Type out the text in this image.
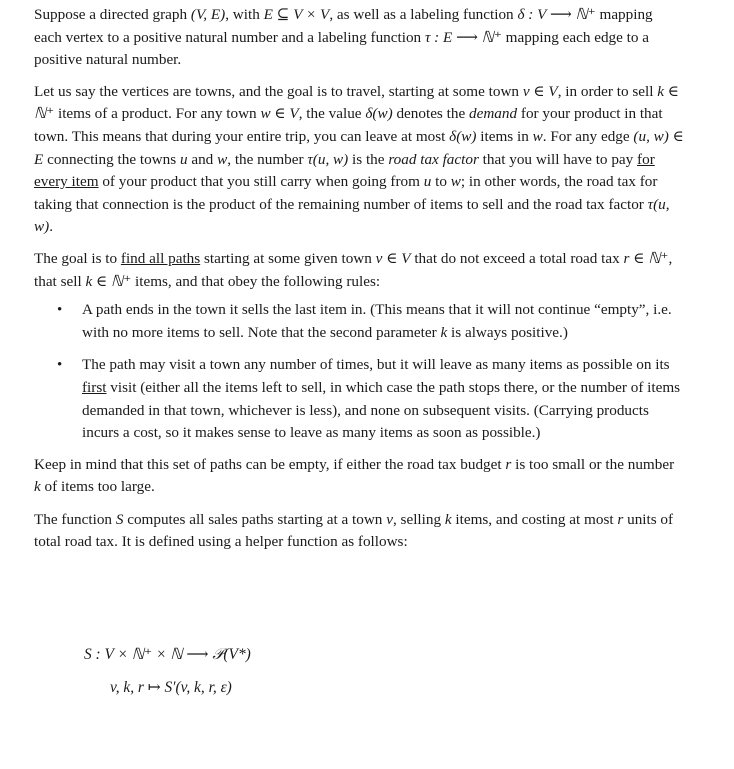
Suppose a directed graph (V, E), with E ⊆ V × V, as well as a labeling function δ : V ⟶ ℕ⁺ mapping each vertex to a positive natural number and a labeling function τ : E ⟶ ℕ⁺ mapping each edge to a positive natural number.

Let us say the vertices are towns, and the goal is to travel, starting at some town v ∈ V, in order to sell k ∈ ℕ⁺ items of a product. For any town w ∈ V, the value δ(w) denotes the demand for your product in that town. This means that during your entire trip, you can leave at most δ(w) items in w. For any edge (u, w) ∈ E connecting the towns u and w, the number τ(u, w) is the road tax factor that you will have to pay for every item of your product that you still carry when going from u to w; in other words, the road tax for taking that connection is the product of the remaining number of items to sell and the road tax factor τ(u, w).

The goal is to find all paths starting at some given town v ∈ V that do not exceed a total road tax r ∈ ℕ⁺, that sell k ∈ ℕ⁺ items, and that obey the following rules:

• A path ends in the town it sells the last item in. (This means that it will not continue “empty”, i.e. with no more items to sell. Note that the second parameter k is always positive.)
• The path may visit a town any number of times, but it will leave as many items as possible on its first visit (either all the items left to sell, in which case the path stops there, or the number of items demanded in that town, whichever is less), and none on subsequent visits. (Carrying products incurs a cost, so it makes sense to leave as many items as soon as possible.)

Keep in mind that this set of paths can be empty, if either the road tax budget r is too small or the number k of items too large.

The function S computes all sales paths starting at a town v, selling k items, and costing at most r units of total road tax. It is defined using a helper function as follows:

S : V × ℕ⁺ × ℕ ⟶ 𝒫(V*)
v, k, r ↦ S′(v, k, r, ε)
